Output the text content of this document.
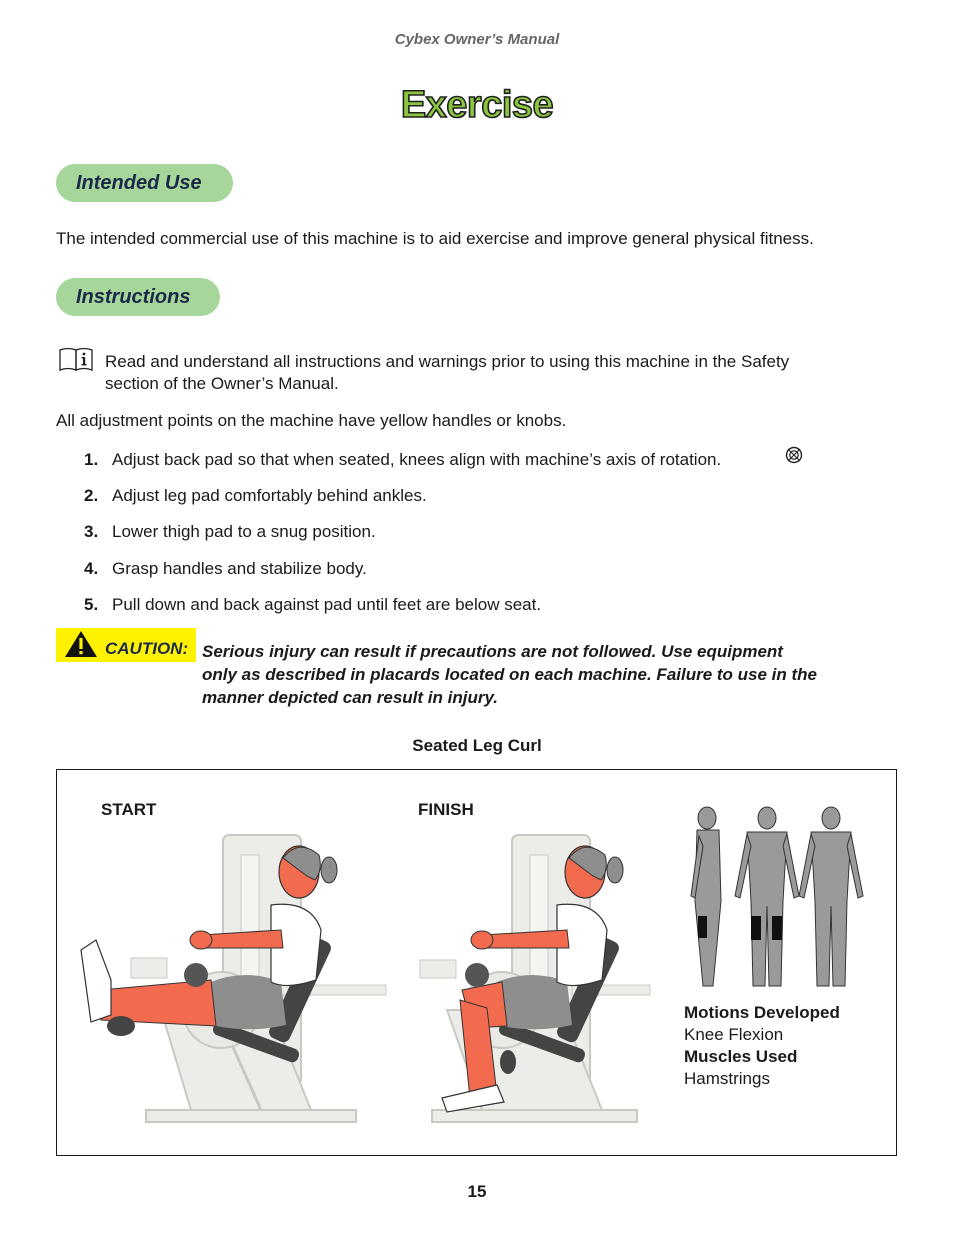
Cybex Owner’s Manual
Exercise
Intended Use
The intended commercial use of this machine is to aid exercise and improve general physical fitness.
Instructions
Read and understand all instructions and warnings prior to using this machine in the Safety
section of the Owner’s Manual.
All adjustment points on the machine have yellow handles or knobs.
1. Adjust back pad so that when seated, knees align with machine’s axis of rotation.
2. Adjust leg pad comfortably behind ankles.
3. Lower thigh pad to a snug position.
4. Grasp handles and stabilize body.
5. Pull down and back against pad until feet are below seat.
CAUTION: Serious injury can result if precautions are not followed. Use equipment
only as described in placards located on each machine. Failure to use in the
manner depicted can result in injury.
Seated Leg Curl
START	FINISH
Motions Developed
Knee Flexion
Muscles Used
Hamstrings
15
